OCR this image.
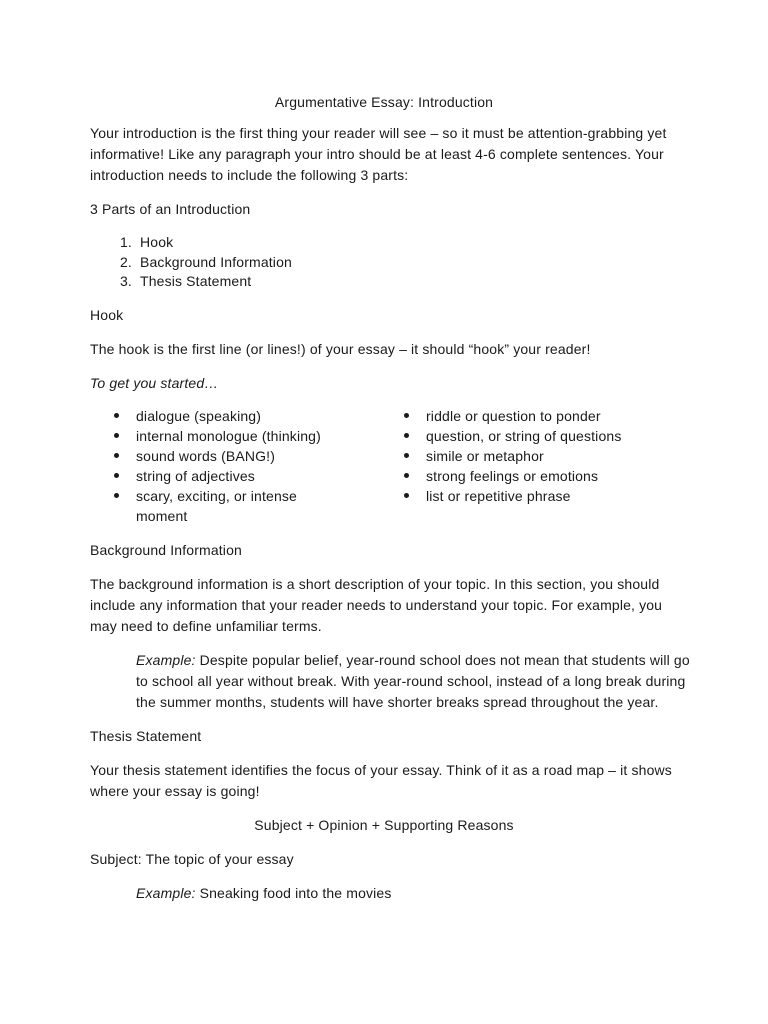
Argumentative Essay: Introduction

Your introduction is the first thing your reader will see – so it must be attention-grabbing yet informative! Like any paragraph your intro should be at least 4-6 complete sentences. Your introduction needs to include the following 3 parts:

3 Parts of an Introduction

1. Hook
2. Background Information
3. Thesis Statement

Hook

The hook is the first line (or lines!) of your essay – it should “hook” your reader!

To get you started…

dialogue (speaking)
internal monologue (thinking)
sound words (BANG!)
string of adjectives
scary, exciting, or intense moment
riddle or question to ponder
question, or string of questions
simile or metaphor
strong feelings or emotions
list or repetitive phrase

Background Information

The background information is a short description of your topic. In this section, you should include any information that your reader needs to understand your topic. For example, you may need to define unfamiliar terms.

Example: Despite popular belief, year-round school does not mean that students will go to school all year without break. With year-round school, instead of a long break during the summer months, students will have shorter breaks spread throughout the year.

Thesis Statement

Your thesis statement identifies the focus of your essay. Think of it as a road map – it shows where your essay is going!

Subject + Opinion + Supporting Reasons

Subject: The topic of your essay

Example: Sneaking food into the movies
